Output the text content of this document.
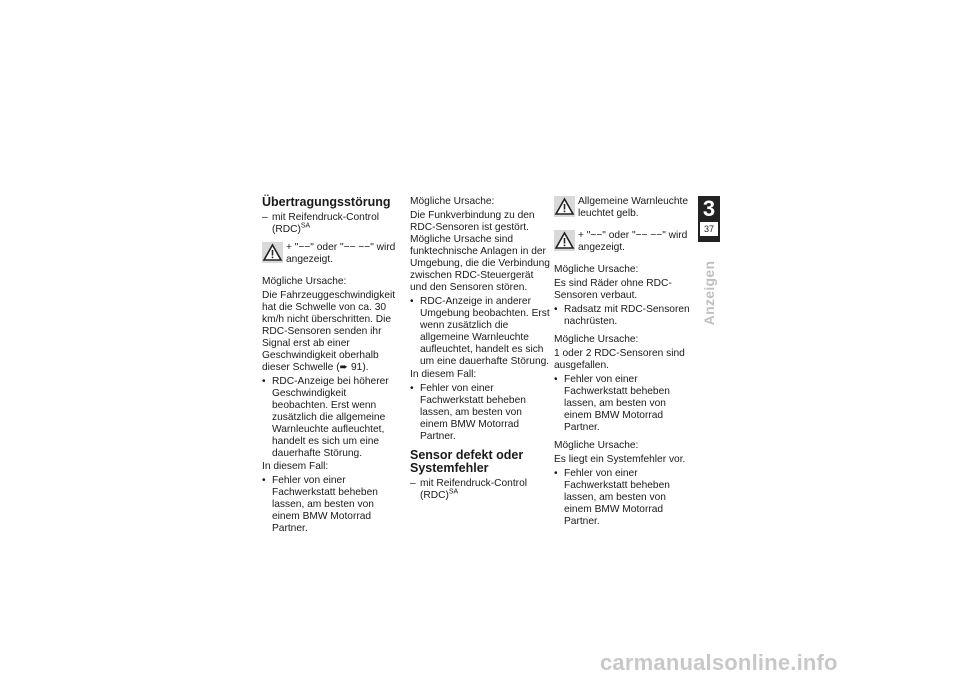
Übertragungsstörung
– mit Reifendruck-Control (RDC)$^{SA}$
+ "−−" oder "−− −−" wird angezeigt.
Mögliche Ursache:
Die Fahrzeuggeschwindigkeit hat die Schwelle von ca. 30 km/h nicht überschritten. Die RDC-Sensoren senden ihr Signal erst ab einer Geschwindigkeit oberhalb dieser Schwelle (➨ 91).
• RDC-Anzeige bei höherer Geschwindigkeit beobachten. Erst wenn zusätzlich die allgemeine Warnleuchte aufleuchtet, handelt es sich um eine dauerhafte Störung.
In diesem Fall:
• Fehler von einer Fachwerkstatt beheben lassen, am besten von einem BMW Motorrad Partner.
Mögliche Ursache:
Die Funkverbindung zu den RDC-Sensoren ist gestört. Mögliche Ursache sind funktechnische Anlagen in der Umgebung, die die Verbindung zwischen RDC-Steuergerät und den Sensoren stören.
• RDC-Anzeige in anderer Umgebung beobachten. Erst wenn zusätzlich die allgemeine Warnleuchte aufleuchtet, handelt es sich um eine dauerhafte Störung.
In diesem Fall:
• Fehler von einer Fachwerkstatt beheben lassen, am besten von einem BMW Motorrad Partner.
Sensor defekt oder
Systemfehler
– mit Reifendruck-Control (RDC)$^{SA}$
Allgemeine Warnleuchte leuchtet gelb.
+ "−−" oder "−− −−" wird angezeigt.
Mögliche Ursache:
Es sind Räder ohne RDC-Sensoren verbaut.
• Radsatz mit RDC-Sensoren nachrüsten.
Mögliche Ursache:
1 oder 2 RDC-Sensoren sind ausgefallen.
• Fehler von einer Fachwerkstatt beheben lassen, am besten von einem BMW Motorrad Partner.
Mögliche Ursache:
Es liegt ein Systemfehler vor.
• Fehler von einer Fachwerkstatt beheben lassen, am besten von einem BMW Motorrad Partner.
3
37
Anzeigen
carmanualsonline.info
